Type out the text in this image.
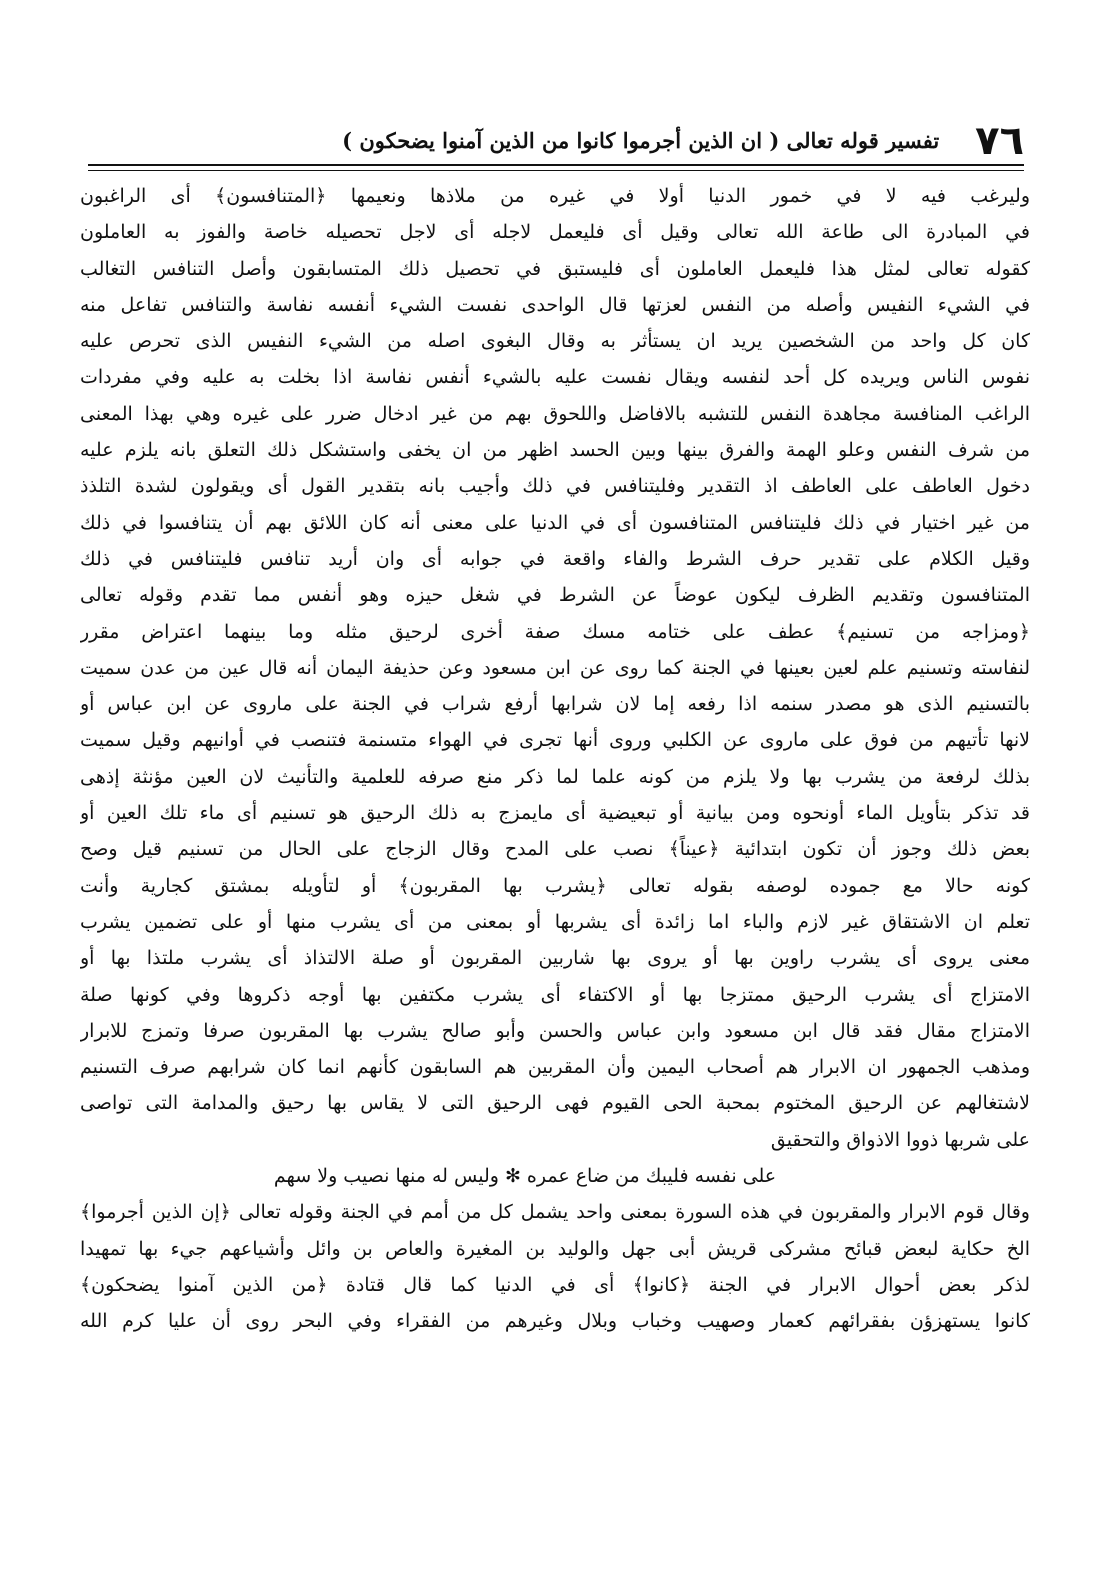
٧٦
تفسير قوله تعالى ( ان الذين أجرموا كانوا من الذين آمنوا يضحكون )
وليرغب فيه لا في خمور الدنيا أولا في غيره من ملاذها ونعيمها ﴿المتنافسون﴾ أى الراغبون
في المبادرة الى طاعة الله تعالى وقيل أى فليعمل لاجله أى لاجل تحصيله خاصة والفوز به العاملون
كقوله تعالى لمثل هذا فليعمل العاملون أى فليستبق في تحصيل ذلك المتسابقون وأصل التنافس التغالب
في الشيء النفيس وأصله من النفس لعزتها قال الواحدى نفست الشيء أنفسه نفاسة والتنافس تفاعل منه
كان كل واحد من الشخصين يريد ان يستأثر به وقال البغوى اصله من الشيء النفيس الذى تحرص عليه
نفوس الناس ويريده كل أحد لنفسه ويقال نفست عليه بالشيء أنفس نفاسة اذا بخلت به عليه وفي مفردات
الراغب المنافسة مجاهدة النفس للتشبه بالافاضل واللحوق بهم من غير ادخال ضرر على غيره وهي بهذا المعنى
من شرف النفس وعلو الهمة والفرق بينها وبين الحسد اظهر من ان يخفى واستشكل ذلك التعلق بانه يلزم عليه
دخول العاطف على العاطف اذ التقدير وفليتنافس في ذلك وأجيب بانه بتقدير القول أى ويقولون لشدة التلذذ
من غير اختيار في ذلك فليتنافس المتنافسون أى في الدنيا على معنى أنه كان اللائق بهم أن يتنافسوا في ذلك
وقيل الكلام على تقدير حرف الشرط والفاء واقعة في جوابه أى وان أريد تنافس فليتنافس في ذلك
المتنافسون وتقديم الظرف ليكون عوضاً عن الشرط في شغل حيزه وهو أنفس مما تقدم وقوله تعالى
﴿ومزاجه من تسنيم﴾ عطف على ختامه مسك صفة أخرى لرحيق مثله وما بينهما اعتراض مقرر
لنفاسته وتسنيم علم لعين بعينها في الجنة كما روى عن ابن مسعود وعن حذيفة اليمان أنه قال عين من عدن سميت
بالتسنيم الذى هو مصدر سنمه اذا رفعه إما لان شرابها أرفع شراب في الجنة على ماروى عن ابن عباس أو
لانها تأتيهم من فوق على ماروى عن الكلبي وروى أنها تجرى في الهواء متسنمة فتنصب في أوانيهم وقيل سميت
بذلك لرفعة من يشرب بها ولا يلزم من كونه علما لما ذكر منع صرفه للعلمية والتأنيث لان العين مؤنثة إذهى
قد تذكر بتأويل الماء أونحوه ومن بيانية أو تبعيضية أى مايمزج به ذلك الرحيق هو تسنيم أى ماء تلك العين أو
بعض ذلك وجوز أن تكون ابتدائية ﴿عيناً﴾ نصب على المدح وقال الزجاج على الحال من تسنيم قيل وصح
كونه حالا مع جموده لوصفه بقوله تعالى ﴿يشرب بها المقربون﴾ أو لتأويله بمشتق كجارية وأنت
تعلم ان الاشتقاق غير لازم والباء اما زائدة أى يشربها أو بمعنى من أى يشرب منها أو على تضمين يشرب
معنى يروى أى يشرب راوين بها أو يروى بها شاربين المقربون أو صلة الالتذاذ أى يشرب ملتذا بها أو
الامتزاج أى يشرب الرحيق ممتزجا بها أو الاكتفاء أى يشرب مكتفين بها أوجه ذكروها وفي كونها صلة
الامتزاج مقال فقد قال ابن مسعود وابن عباس والحسن وأبو صالح يشرب بها المقربون صرفا وتمزج للابرار
ومذهب الجمهور ان الابرار هم أصحاب اليمين وأن المقربين هم السابقون كأنهم انما كان شرابهم صرف التسنيم
لاشتغالهم عن الرحيق المختوم بمحبة الحى القيوم فهى الرحيق التى لا يقاس بها رحيق والمدامة التى تواصى
على شربها ذووا الاذواق والتحقيق
على نفسه فليبك من ضاع عمره ✻ وليس له منها نصيب ولا سهم
وقال قوم الابرار والمقربون في هذه السورة بمعنى واحد يشمل كل من أمم في الجنة وقوله تعالى ﴿إن الذين أجرموا﴾
الخ حكاية لبعض قبائح مشركى قريش أبى جهل والوليد بن المغيرة والعاص بن وائل وأشياعهم جيء بها تمهيدا
لذكر بعض أحوال الابرار في الجنة ﴿كانوا﴾ أى في الدنيا كما قال قتادة ﴿من الذين آمنوا يضحكون﴾
كانوا يستهزؤن بفقرائهم كعمار وصهيب وخباب وبلال وغيرهم من الفقراء وفي البحر روى أن عليا كرم الله
